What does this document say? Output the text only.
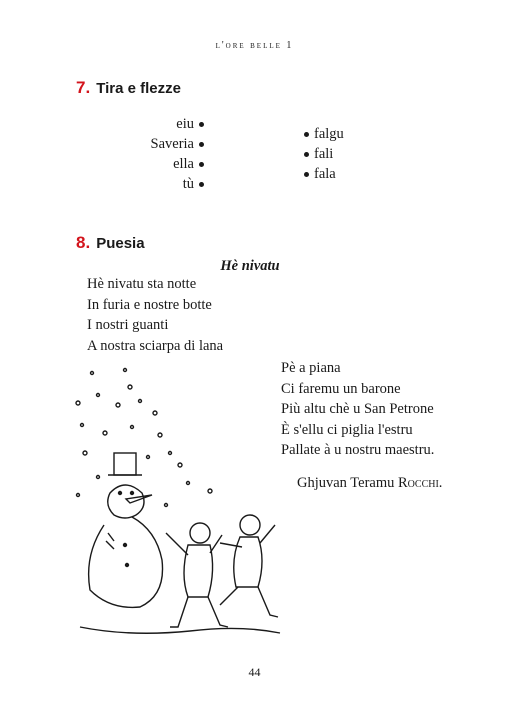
l'ore belle 1
7. Tira e flezze
eiu
Saveria
ella
tù
falgu
fali
fala
8. Puesia
Hè nivatu
Hè nivatu sta notte
In furia e nostre botte
I nostri guanti
A nostra sciarpa di lana
Pè a piana
Ci faremu un barone
Più altu chè u San Petrone
È s'ellu ci piglia l'estru
Pallate à u nostru maestru.
Ghjuvan Teramu Rocchi.
44
